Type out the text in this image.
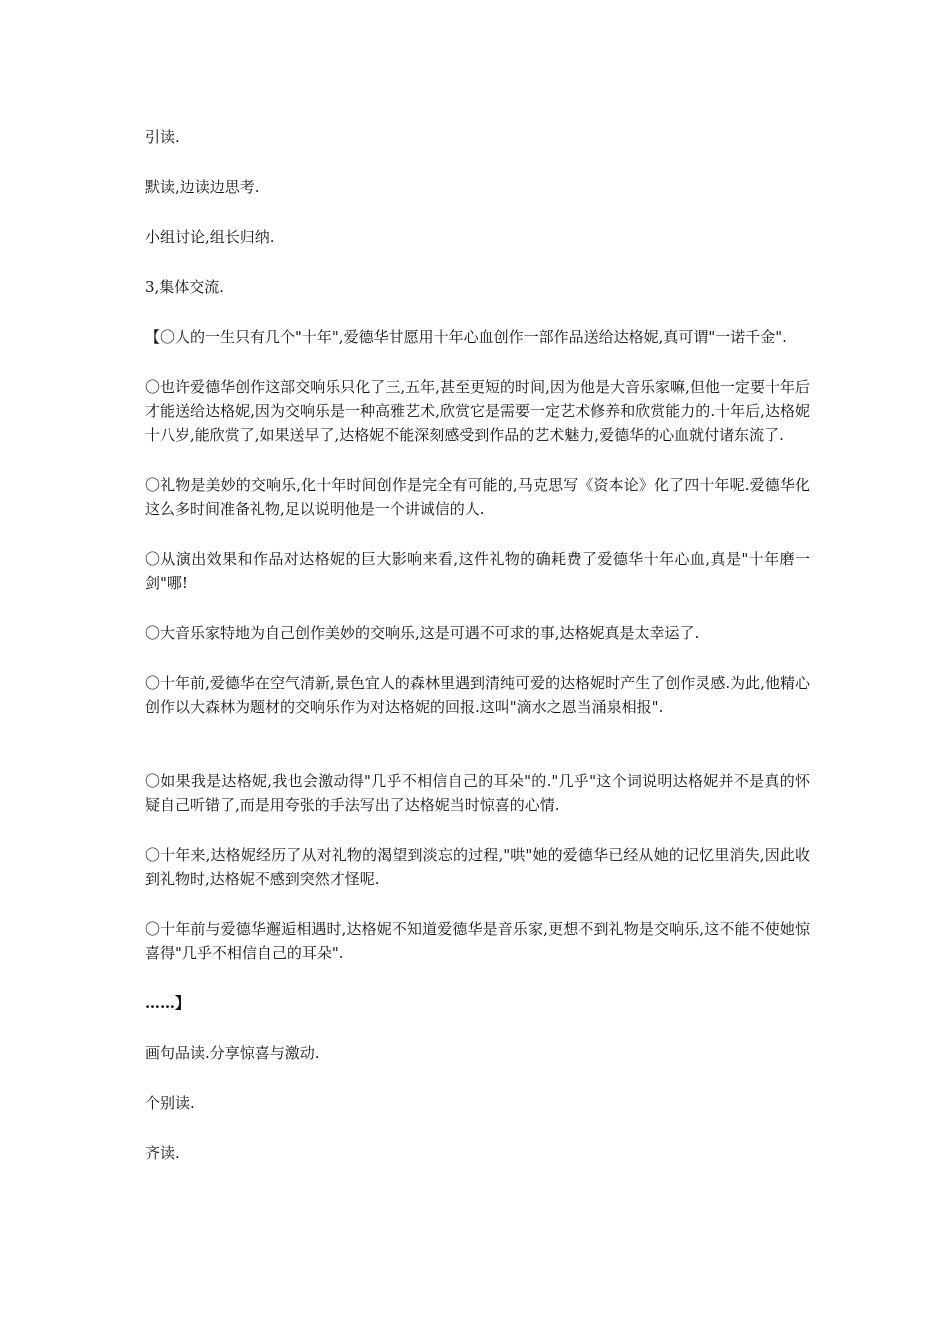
引读.

默读,边读边思考.

小组讨论,组长归纳.

3,集体交流.

【〇人的一生只有几个"十年",爱德华甘愿用十年心血创作一部作品送给达格妮,真可谓"一诺千金".

〇也许爱德华创作这部交响乐只化了三,五年,甚至更短的时间,因为他是大音乐家嘛,但他一定要十年后才能送给达格妮,因为交响乐是一种高雅艺术,欣赏它是需要一定艺术修养和欣赏能力的.十年后,达格妮十八岁,能欣赏了,如果送早了,达格妮不能深刻感受到作品的艺术魅力,爱德华的心血就付诸东流了.

〇礼物是美妙的交响乐,化十年时间创作是完全有可能的,马克思写《资本论》化了四十年呢.爱德华化这么多时间准备礼物,足以说明他是一个讲诚信的人.

〇从演出效果和作品对达格妮的巨大影响来看,这件礼物的确耗费了爱德华十年心血,真是"十年磨一剑"哪!

〇大音乐家特地为自己创作美妙的交响乐,这是可遇不可求的事,达格妮真是太幸运了.

〇十年前,爱德华在空气清新,景色宜人的森林里遇到清纯可爱的达格妮时产生了创作灵感.为此,他精心创作以大森林为题材的交响乐作为对达格妮的回报.这叫"滴水之恩当涌泉相报".

〇如果我是达格妮,我也会激动得"几乎不相信自己的耳朵"的."几乎"这个词说明达格妮并不是真的怀疑自己听错了,而是用夸张的手法写出了达格妮当时惊喜的心情.

〇十年来,达格妮经历了从对礼物的渴望到淡忘的过程,"哄"她的爱德华已经从她的记忆里消失,因此收到礼物时,达格妮不感到突然才怪呢.

〇十年前与爱德华邂逅相遇时,达格妮不知道爱德华是音乐家,更想不到礼物是交响乐,这不能不使她惊喜得"几乎不相信自己的耳朵".

……】

画句品读.分享惊喜与激动.

个别读.

齐读.
